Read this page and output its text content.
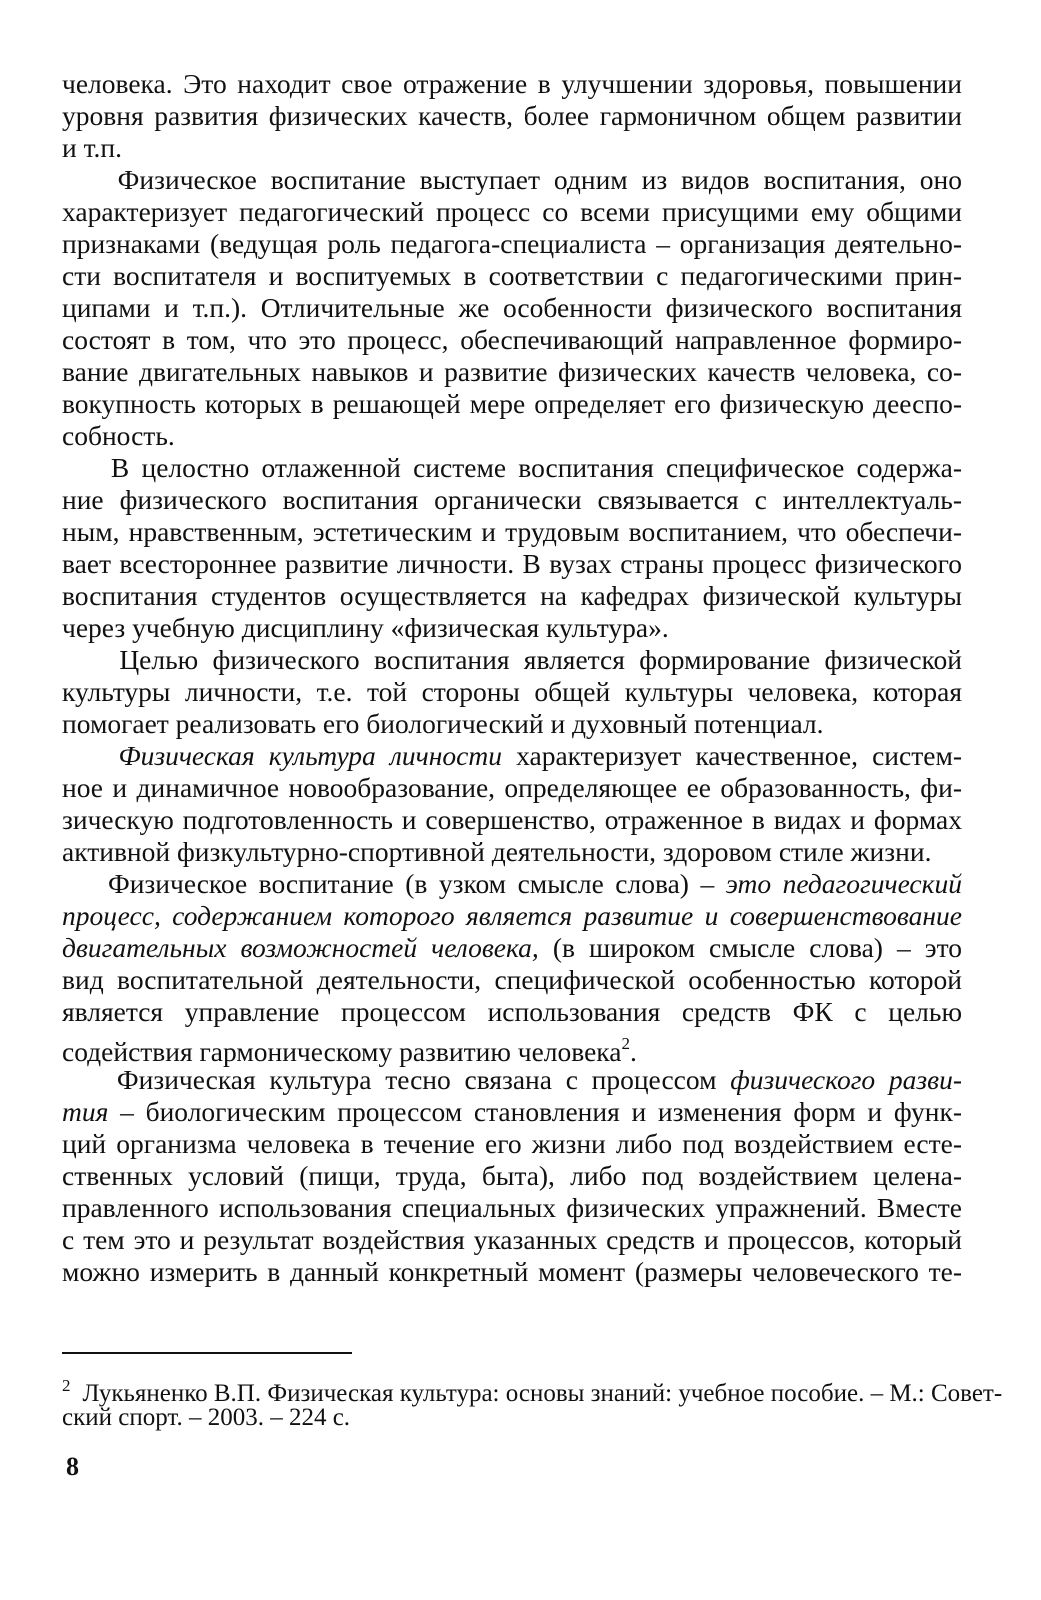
человека. Это находит свое отражение в улучшении здоровья, повышении
уровня развития физических качеств, более гармоничном общем развитии
и т.п.
Физическое воспитание выступает одним из видов воспитания, оно
характеризует педагогический процесс со всеми присущими ему общими
признаками (ведущая роль педагога-специалиста – организация деятельно-
сти воспитателя и воспитуемых в соответствии с педагогическими прин-
ципами и т.п.). Отличительные же особенности физического воспитания
состоят в том, что это процесс, обеспечивающий направленное формиро-
вание двигательных навыков и развитие физических качеств человека, со-
вокупность которых в решающей мере определяет его физическую дееспо-
собность.
В целостно отлаженной системе воспитания специфическое содержа-
ние физического воспитания органически связывается с интеллектуаль-
ным, нравственным, эстетическим и трудовым воспитанием, что обеспечи-
вает всестороннее развитие личности. В вузах страны процесс физического
воспитания студентов осуществляется на кафедрах физической культуры
через учебную дисциплину «физическая культура».
Целью физического воспитания является формирование физической
культуры личности, т.е. той стороны общей культуры человека, которая
помогает реализовать его биологический и духовный потенциал.
Физическая культура личности характеризует качественное, систем-
ное и динамичное новообразование, определяющее ее образованность, фи-
зическую подготовленность и совершенство, отраженное в видах и формах
активной физкультурно-спортивной деятельности, здоровом стиле жизни.
Физическое воспитание (в узком смысле слова) – это педагогический
процесс, содержанием которого является развитие и совершенствование
двигательных возможностей человека, (в широком смысле слова) – это
вид воспитательной деятельности, специфической особенностью которой
является управление процессом использования средств ФК с целью
содействия гармоническому развитию человека$^2$.
Физическая культура тесно связана с процессом физического разви-
тия – биологическим процессом становления и изменения форм и функ-
ций организма человека в течение его жизни либо под воздействием есте-
ственных условий (пищи, труда, быта), либо под воздействием целена-
правленного использования специальных физических упражнений. Вместе
с тем это и результат воздействия указанных средств и процессов, который
можно измерить в данный конкретный момент (размеры человеческого те-
$^2$ Лукьяненко В.П. Физическая культура: основы знаний: учебное пособие. – М.: Совет-
ский спорт. – 2003. – 224 с.
8
